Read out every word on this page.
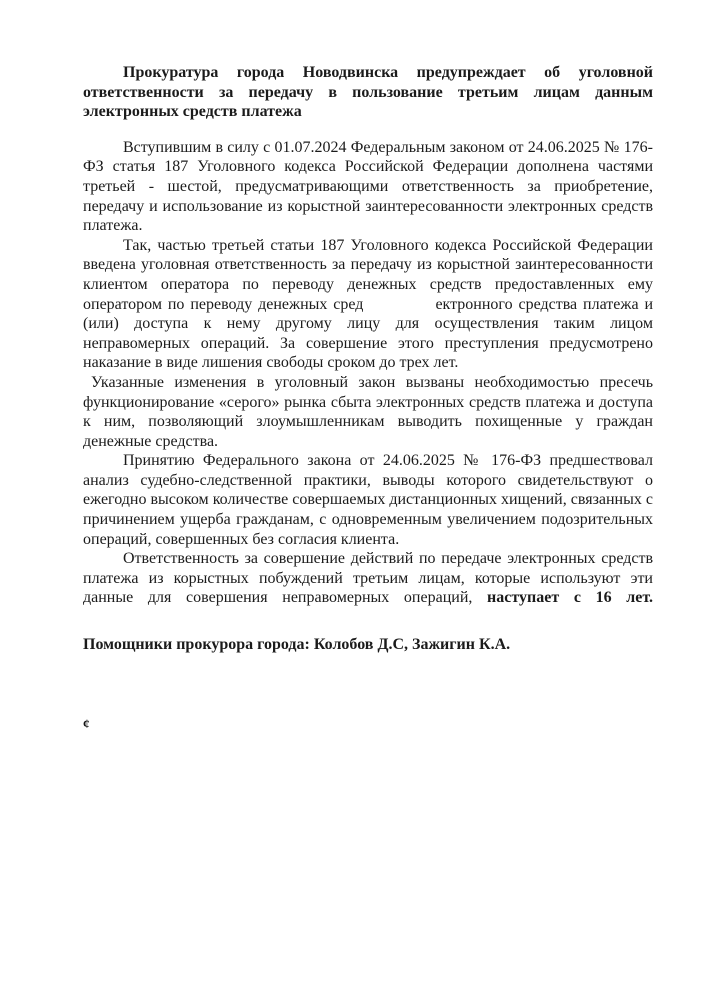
Прокуратура города Новодвинска предупреждает об уголовной ответственности за передачу в пользование третьим лицам данным электронных средств платежа

Вступившим в силу с 01.07.2024 Федеральным законом от 24.06.2025 № 176-ФЗ статья 187 Уголовного кодекса Российской Федерации дополнена частями третьей - шестой, предусматривающими ответственность за приобретение, передачу и использование из корыстной заинтересованности электронных средств платежа.

Так, частью третьей статьи 187 Уголовного кодекса Российской Федерации введена уголовная ответственность за передачу из корыстной заинтересованности клиентом оператора по переводу денежных средств предоставленных ему оператором по переводу денежных сред	ектронного средства платежа и (или) доступа к нему другому лицу для осуществления таким лицом неправомерных операций. За совершение этого преступления предусмотрено наказание в виде лишения свободы сроком до трех лет.

Указанные изменения в уголовный закон вызваны необходимостью пресечь функционирование «серого» рынка сбыта электронных средств платежа и доступа к ним, позволяющий злоумышленникам выводить похищенные у граждан денежные средства.

Принятию Федерального закона от 24.06.2025 № 176-ФЗ предшествовал анализ судебно-следственной практики, выводы которого свидетельствуют о ежегодно высоком количестве совершаемых дистанционных хищений, связанных с причинением ущерба гражданам, с одновременным увеличением подозрительных операций, совершенных без согласия клиента.

Ответственность за совершение действий по передаче электронных средств платежа из корыстных побуждений третьим лицам, которые используют эти данные для совершения неправомерных операций, наступает с 16 лет.

Помощники прокурора города: Колобов Д.С, Зажигин К.А.

ȼ
